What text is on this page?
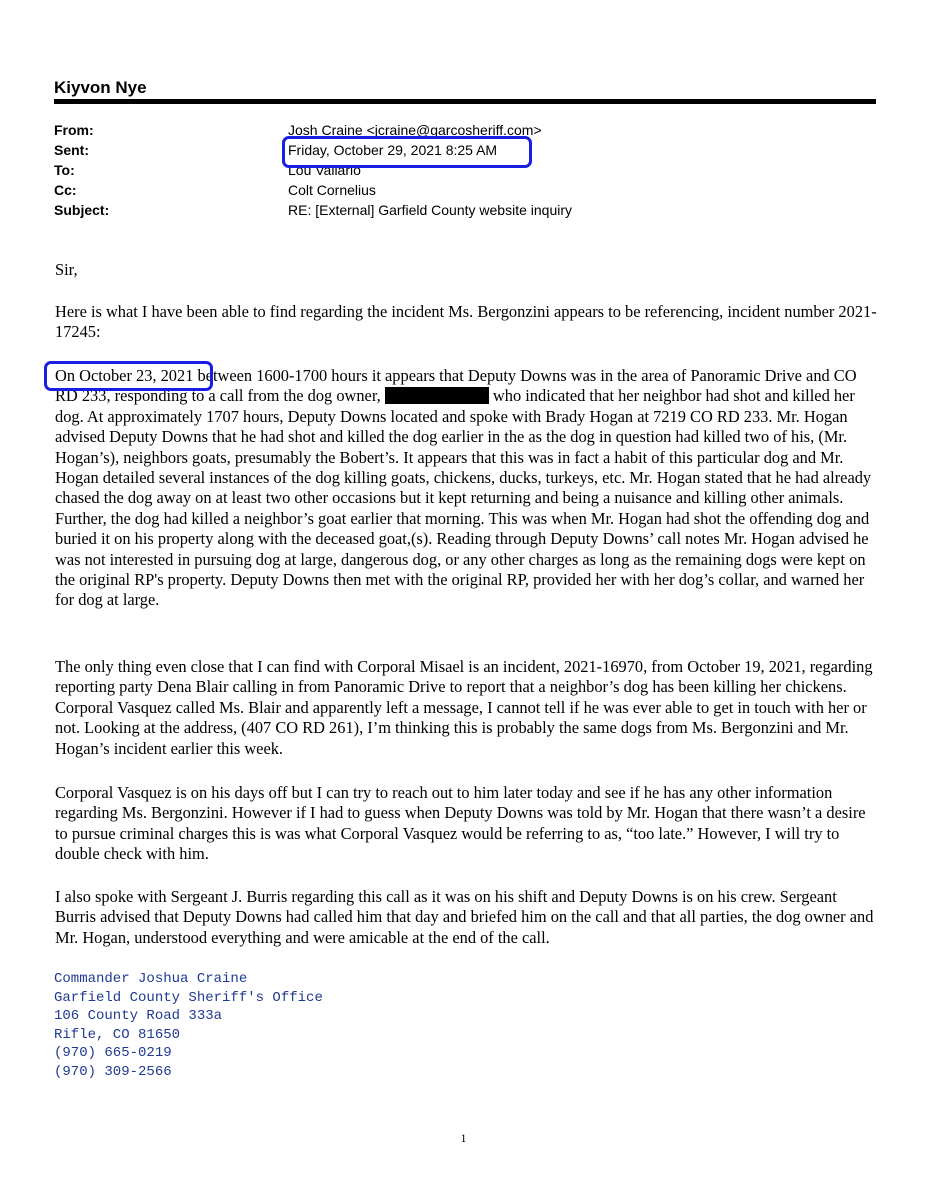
Kiyvon Nye
From:	Josh Craine <jcraine@garcosheriff.com>
Sent:	Friday, October 29, 2021 8:25 AM
To:	Lou Vallario
Cc:	Colt Cornelius
Subject:	RE: [External] Garfield County website inquiry

Sir,

Here is what I have been able to find regarding the incident Ms. Bergonzini appears to be referencing, incident number 2021-17245:

On October 23, 2021 between 1600-1700 hours it appears that Deputy Downs was in the area of Panoramic Drive and CO RD 233, responding to a call from the dog owner,	who indicated that her neighbor had shot and killed her dog. At approximately 1707 hours, Deputy Downs located and spoke with Brady Hogan at 7219 CO RD 233. Mr. Hogan advised Deputy Downs that he had shot and killed the dog earlier in the as the dog in question had killed two of his, (Mr. Hogan’s), neighbors goats, presumably the Bobert’s. It appears that this was in fact a habit of this particular dog and Mr. Hogan detailed several instances of the dog killing goats, chickens, ducks, turkeys, etc. Mr. Hogan stated that he had already chased the dog away on at least two other occasions but it kept returning and being a nuisance and killing other animals. Further, the dog had killed a neighbor’s goat earlier that morning. This was when Mr. Hogan had shot the offending dog and buried it on his property along with the deceased goat,(s). Reading through Deputy Downs’ call notes Mr. Hogan advised he was not interested in pursuing dog at large, dangerous dog, or any other charges as long as the remaining dogs were kept on the original RP's property. Deputy Downs then met with the original RP, provided her with her dog’s collar, and warned her for dog at large.

The only thing even close that I can find with Corporal Misael is an incident, 2021-16970, from October 19, 2021, regarding reporting party Dena Blair calling in from Panoramic Drive to report that a neighbor’s dog has been killing her chickens. Corporal Vasquez called Ms. Blair and apparently left a message, I cannot tell if he was ever able to get in touch with her or not. Looking at the address, (407 CO RD 261), I’m thinking this is probably the same dogs from Ms. Bergonzini and Mr. Hogan’s incident earlier this week.

Corporal Vasquez is on his days off but I can try to reach out to him later today and see if he has any other information regarding Ms. Bergonzini. However if I had to guess when Deputy Downs was told by Mr. Hogan that there wasn’t a desire to pursue criminal charges this is was what Corporal Vasquez would be referring to as, “too late.” However, I will try to double check with him.

I also spoke with Sergeant J. Burris regarding this call as it was on his shift and Deputy Downs is on his crew. Sergeant Burris advised that Deputy Downs had called him that day and briefed him on the call and that all parties, the dog owner and Mr. Hogan, understood everything and were amicable at the end of the call.

Commander Joshua Craine
Garfield County Sheriff's Office
106 County Road 333a
Rifle, CO 81650
(970) 665-0219
(970) 309-2566
1
